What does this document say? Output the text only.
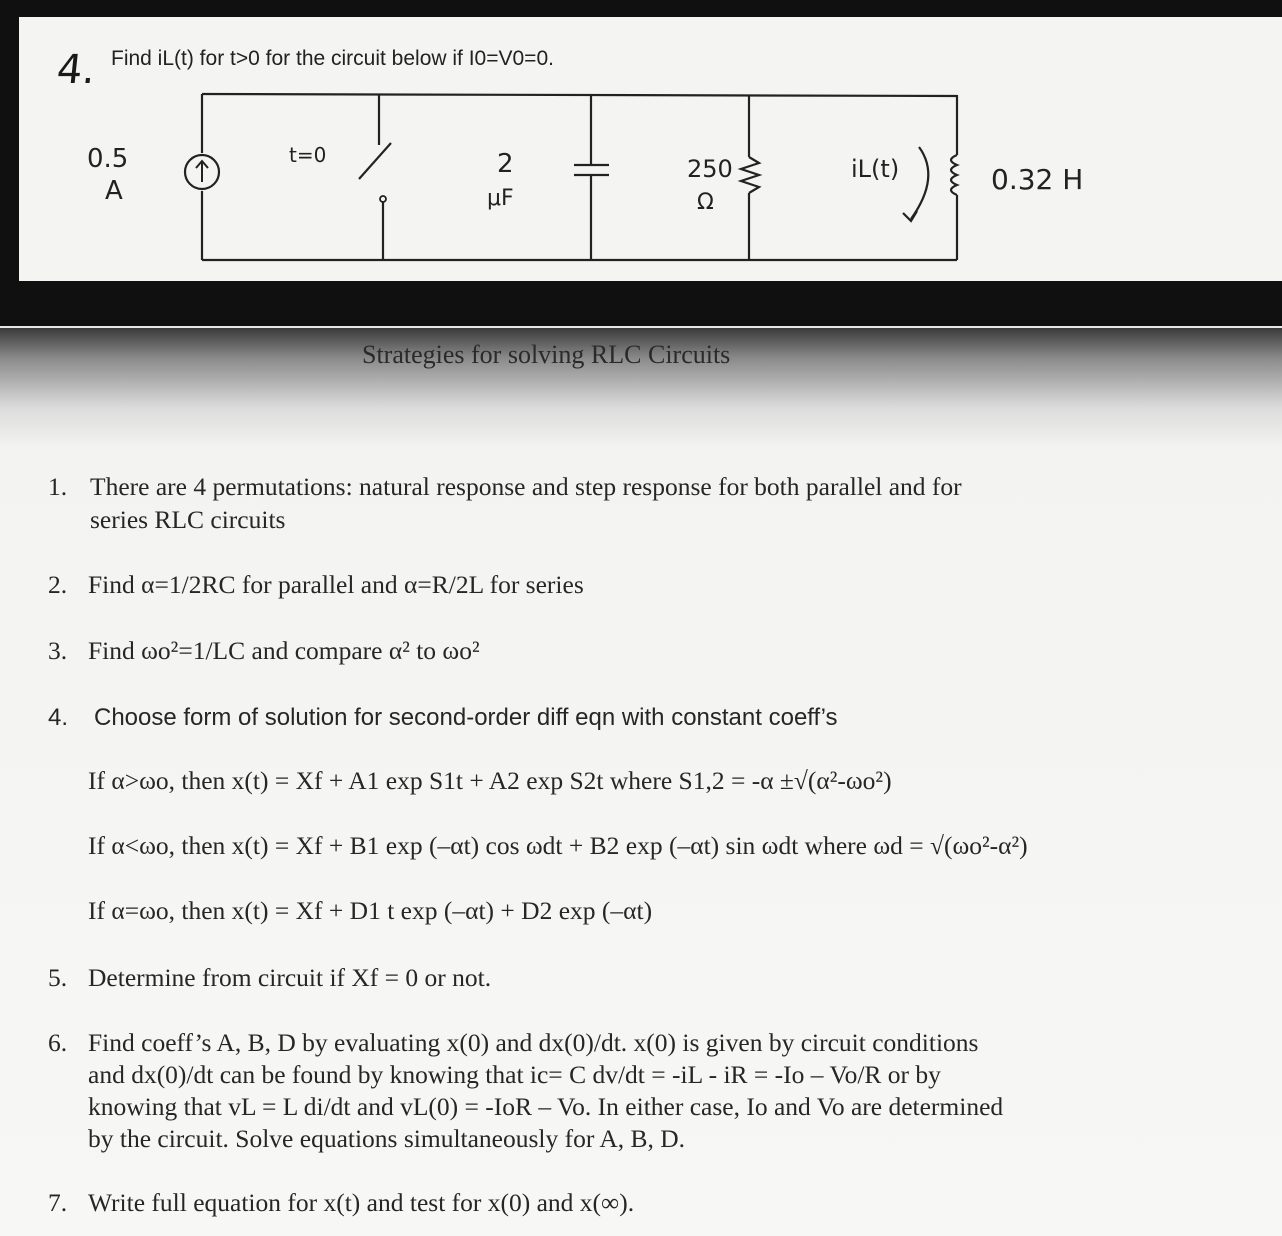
4. Find iL(t) for t>0 for the circuit below if I0=V0=0.
0.5
A
t=0	2
μF
250
Ω
iL(t)	0.32 H
Strategies for solving RLC Circuits
1. There are 4 permutations: natural response and step response for both parallel and for
series RLC circuits
2. Find α=1/2RC for parallel and α=R/2L for series
3. Find ωo²=1/LC and compare α² to ωo²
4. Choose form of solution for second-order diff eqn with constant coeff’s
If α>ωo, then x(t) = Xf + A1 exp S1t + A2 exp S2t where S1,2 = -α ±√(α²-ωo²)
If α<ωo, then x(t) = Xf + B1 exp (–αt) cos ωdt + B2 exp (–αt) sin ωdt where ωd = √(ωo²-α²)
If α=ωo, then x(t) = Xf + D1 t exp (–αt) + D2 exp (–αt)
5. Determine from circuit if Xf = 0 or not.
6. Find coeff’s A, B, D by evaluating x(0) and dx(0)/dt. x(0) is given by circuit conditions
and dx(0)/dt can be found by knowing that ic= C dv/dt = -iL - iR = -Io – Vo/R or by
knowing that vL = L di/dt and vL(0) = -IoR – Vo. In either case, Io and Vo are determined
by the circuit. Solve equations simultaneously for A, B, D.
7. Write full equation for x(t) and test for x(0) and x(∞).
